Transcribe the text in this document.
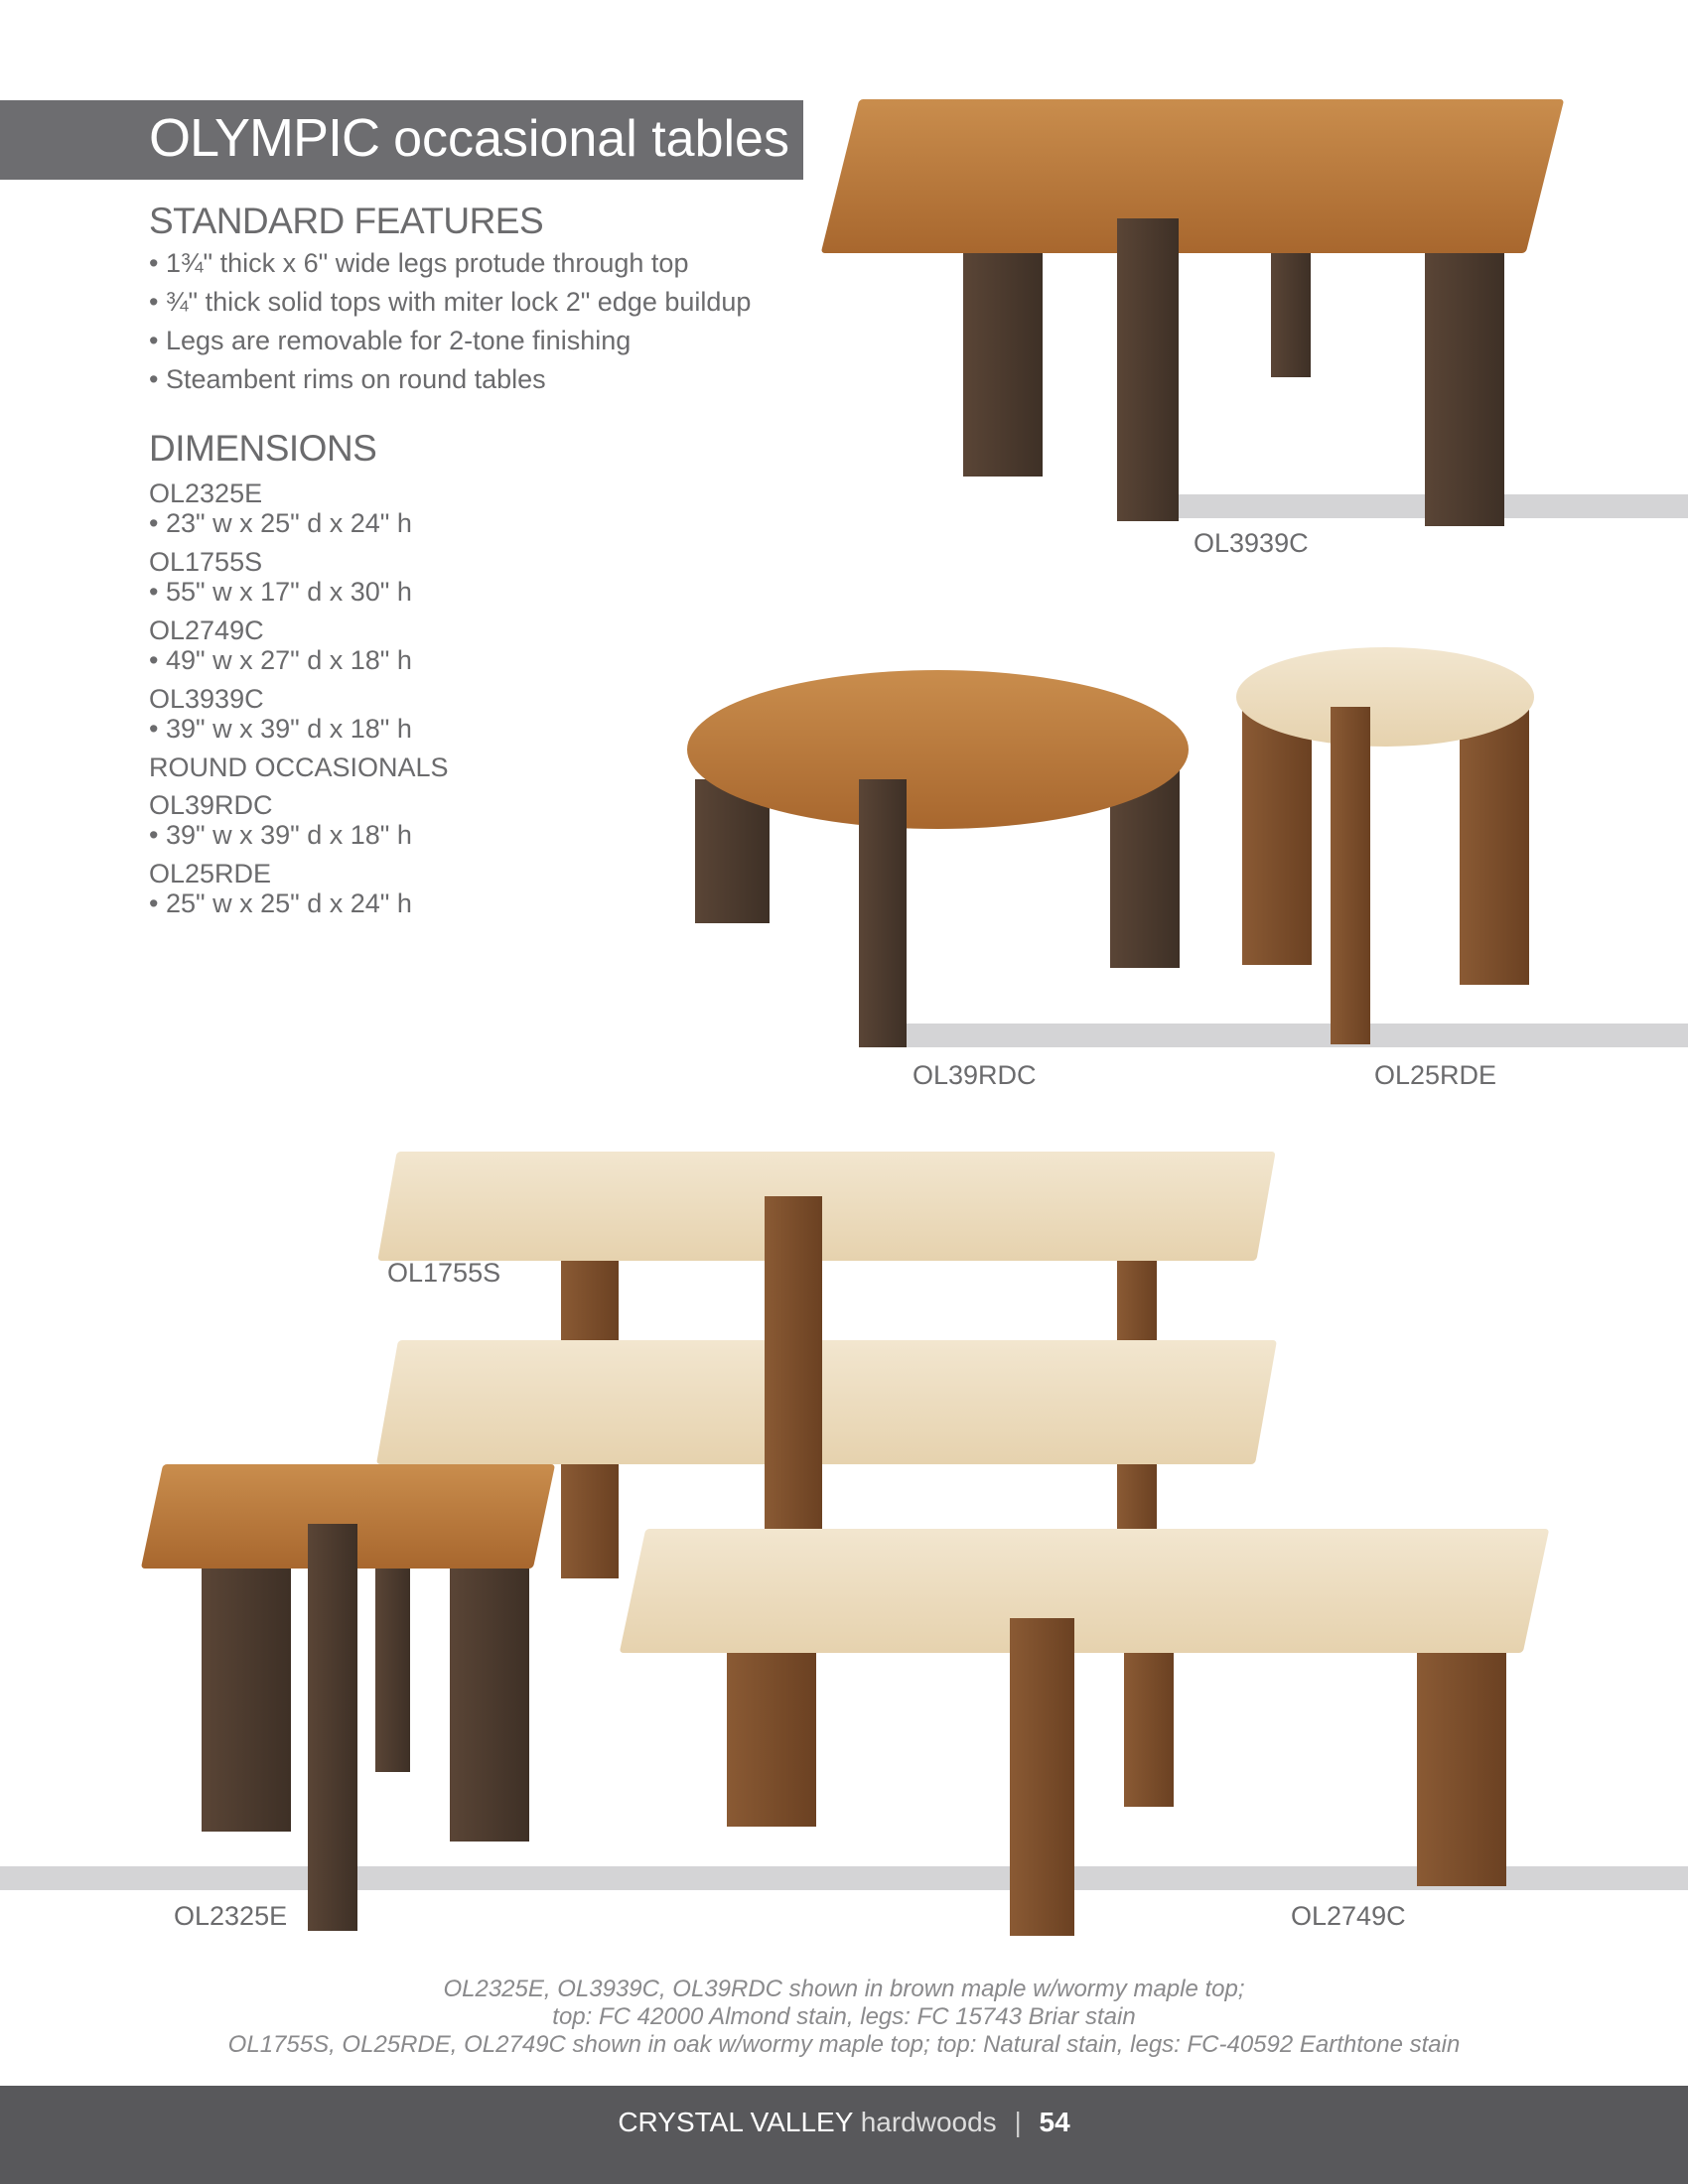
OLYMPIC occasional tables
STANDARD FEATURES
• 1¾" thick x 6" wide legs protude through top
• ¾" thick solid tops with miter lock 2" edge buildup
• Legs are removable for 2-tone finishing
• Steambent rims on round tables
DIMENSIONS
OL2325E
• 23" w x 25" d x 24" h
OL1755S
• 55" w x 17" d x 30" h
OL2749C
• 49" w x 27" d x 18" h
OL3939C
• 39" w x 39" d x 18" h
ROUND OCCASIONALS
OL39RDC
• 39" w x 39" d x 18" h
OL25RDE
• 25" w x 25" d x 24" h
OL3939C
OL39RDC	OL25RDE
OL1755S
OL2325E	OL2749C
OL2325E, OL3939C, OL39RDC shown in brown maple w/wormy maple top;
top: FC 42000 Almond stain, legs: FC 15743 Briar stain
OL1755S, OL25RDE, OL2749C shown in oak w/wormy maple top; top: Natural stain, legs: FC-40592 Earthtone stain
CRYSTAL VALLEY hardwoods | 54
